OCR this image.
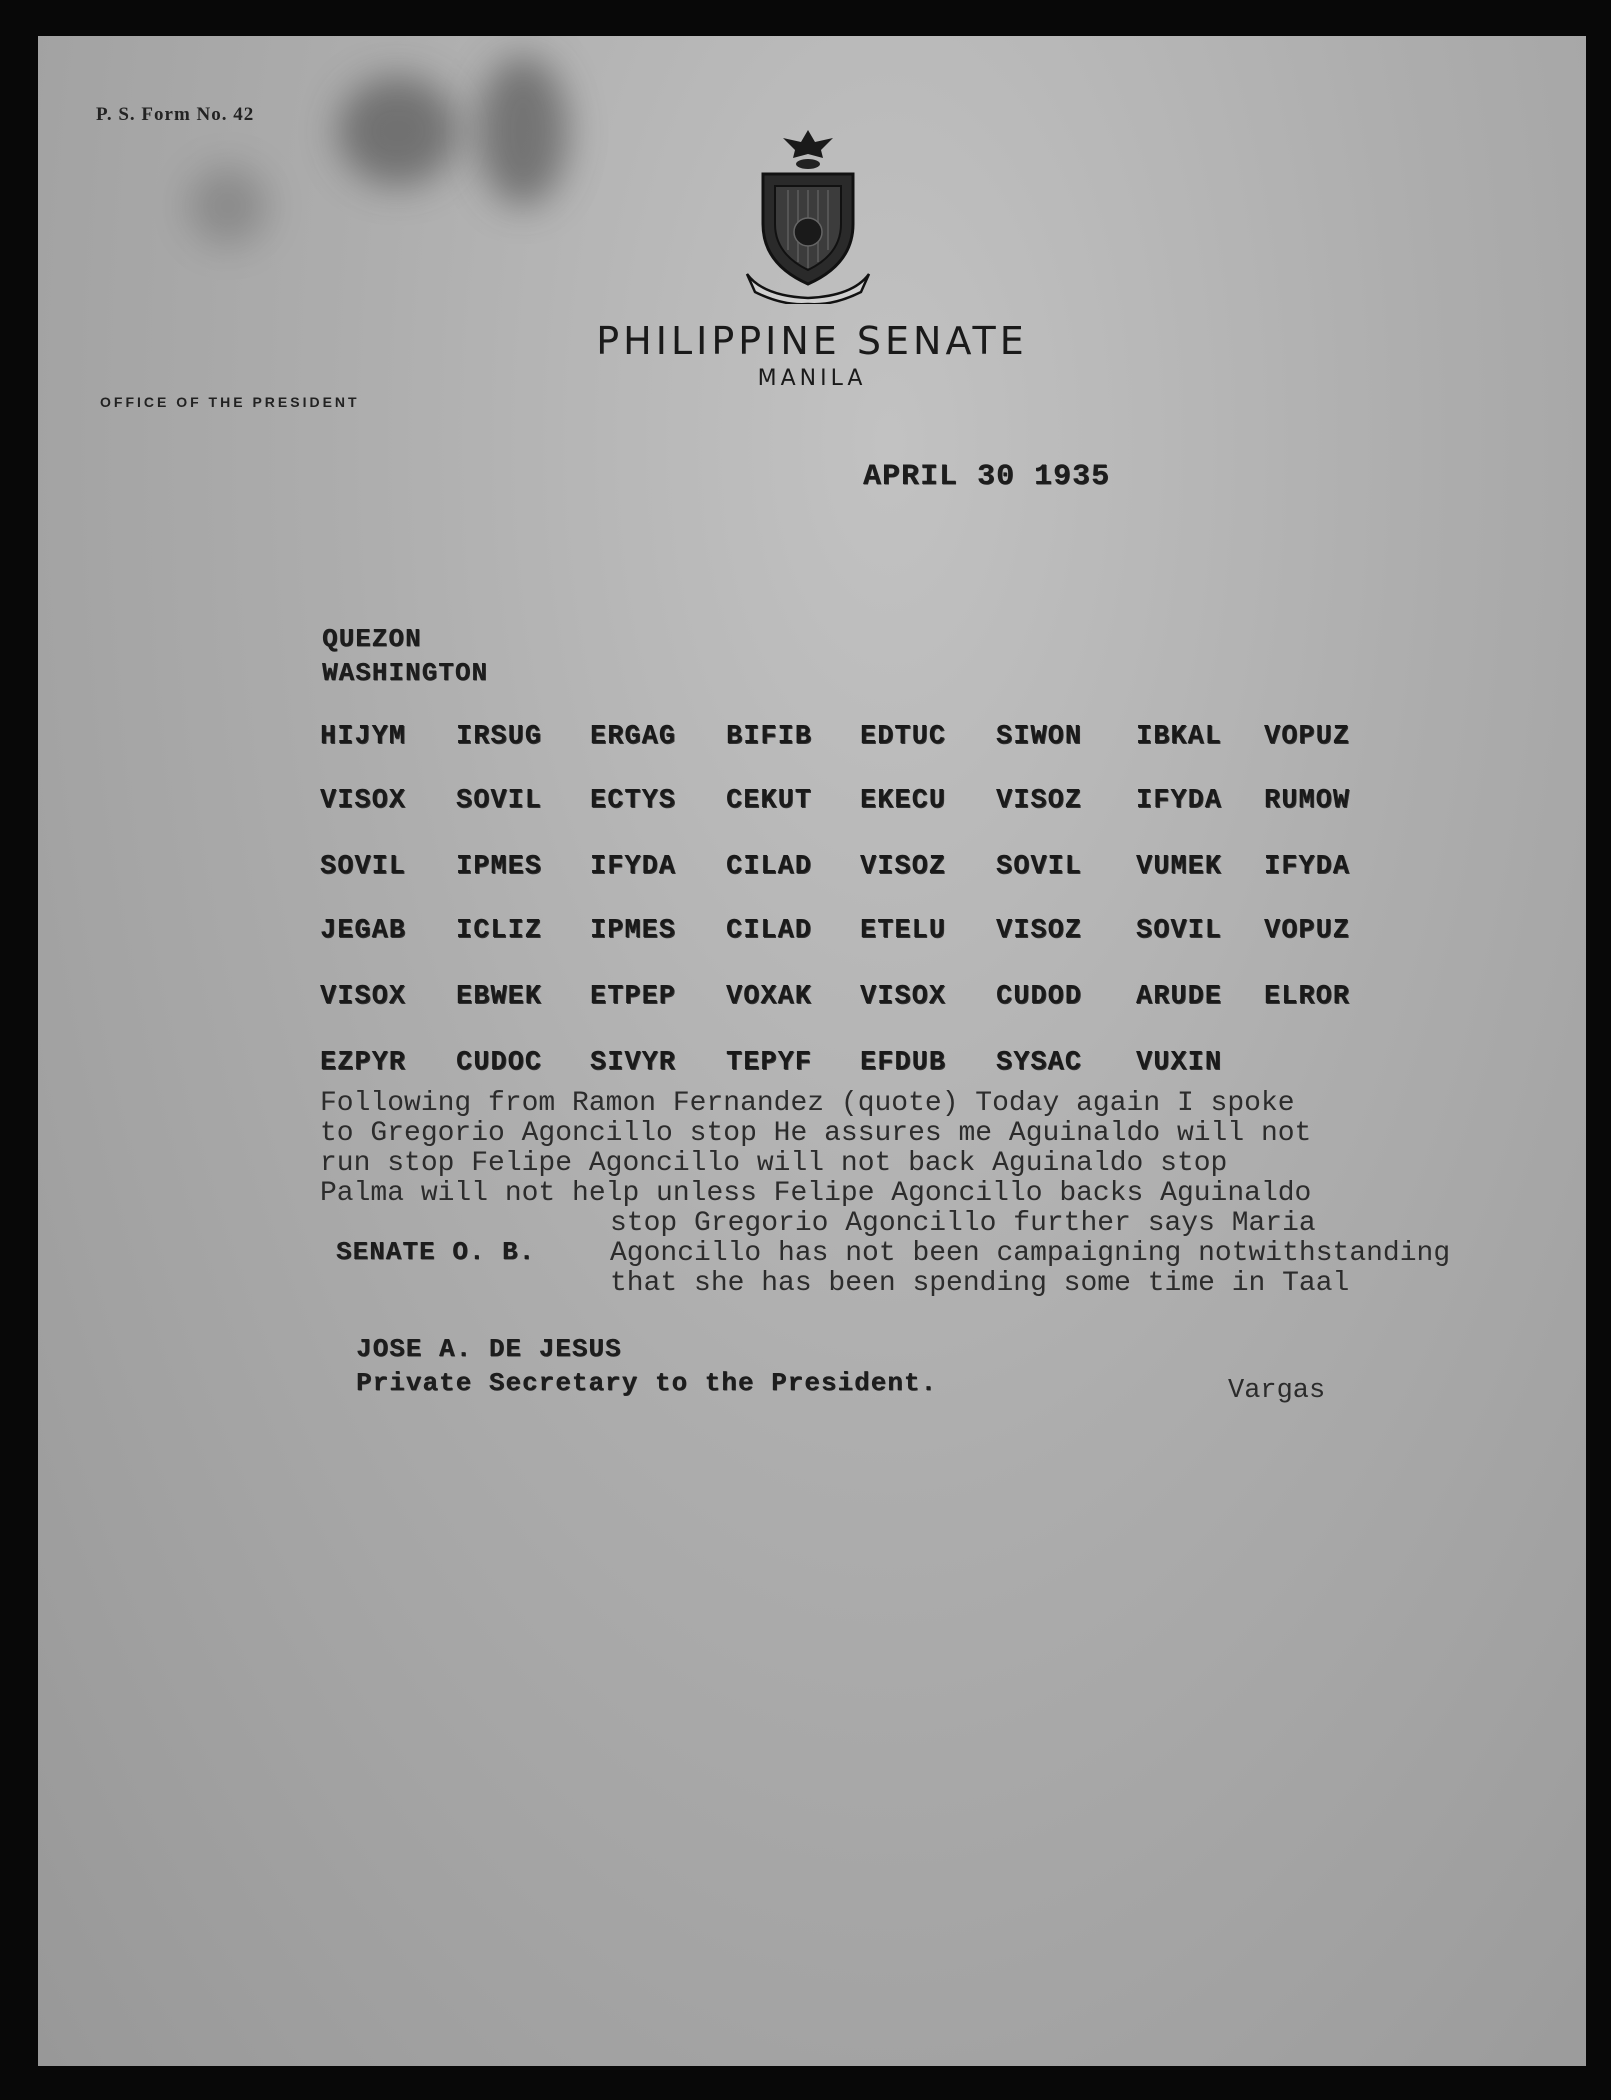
P. S. Form No. 42
PHILIPPINE SENATE
MANILA
OFFICE OF THE PRESIDENT
APRIL 30 1935
QUEZON
WASHINGTON
HIJYM IRSUG ERGAG BIFIB EDTUC SIWON IBKAL VOPUZ
VISOX SOVIL ECTYS CEKUT EKECU VISOZ IFYDA RUMOW
SOVIL IPMES IFYDA CILAD VISOZ SOVIL VUMEK IFYDA
JEGAB ICLIZ IPMES CILAD ETELU VISOZ SOVIL VOPUZ
VISOX EBWEK ETPEP VOXAK VISOX CUDOD ARUDE ELROR
EZPYR CUDOC SIVYR TEPYF EFDUB SYSAC VUXIN
Following from Ramon Fernandez (quote) Today again I spoke
to Gregorio Agoncillo stop He assures me Aguinaldo will not
run stop Felipe Agoncillo will not back Aguinaldo stop
Palma will not help unless Felipe Agoncillo backs Aguinaldo
stop Gregorio Agoncillo further says Maria
Agoncillo has not been campaigning notwithstanding
that she has been spending some time in Taal
SENATE O. B.
JOSE A. DE JESUS
Private Secretary to the President.	Vargas
